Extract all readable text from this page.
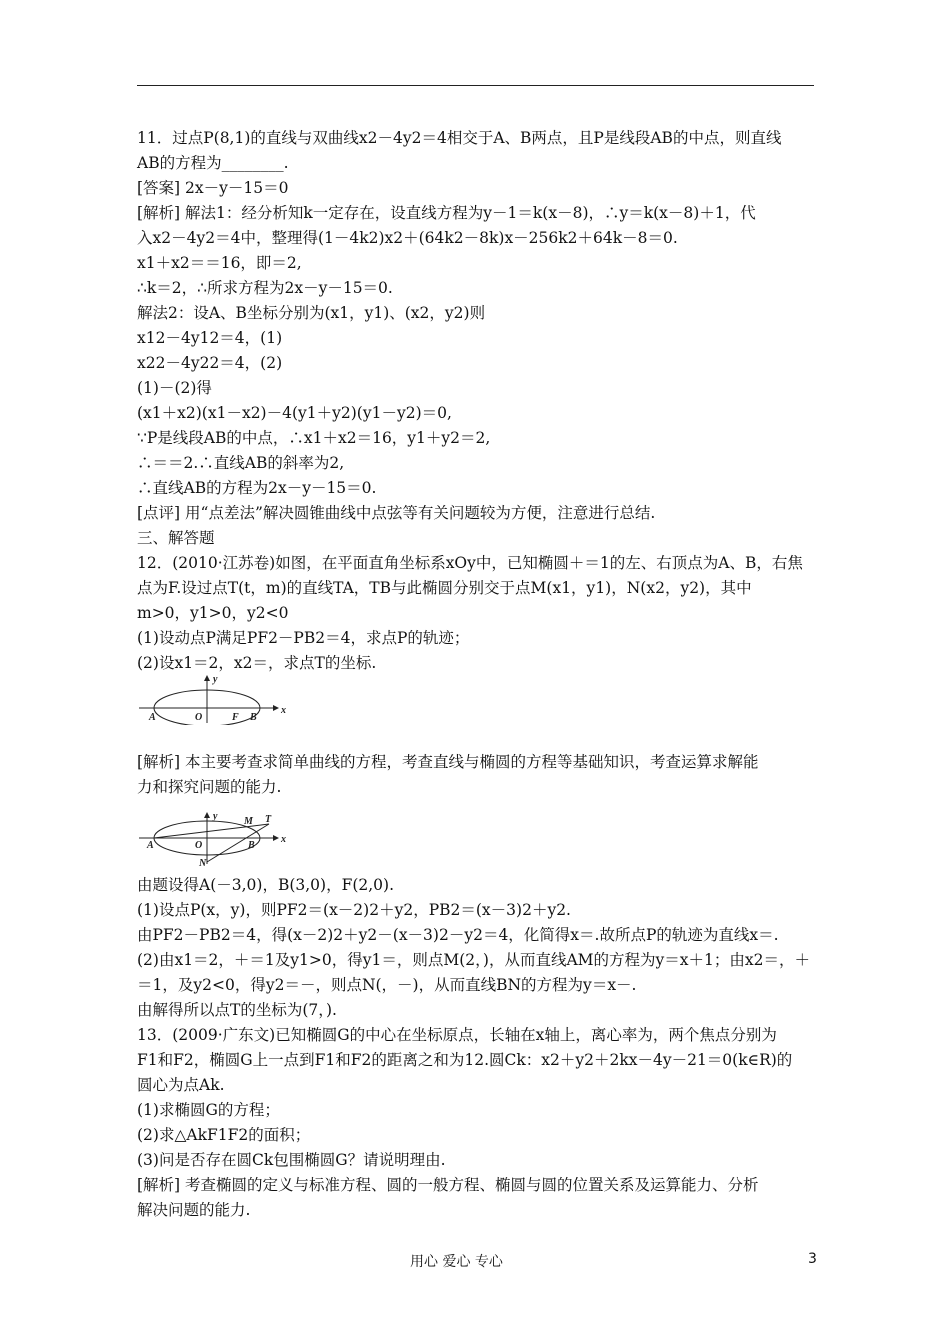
11．过点P(8,1)的直线与双曲线x2－4y2＝4相交于A、B两点，且P是线段AB的中点，则直线
AB的方程为________.
[答案] 2x－y－15＝0
[解析] 解法1：经分析知k一定存在，设直线方程为y－1＝k(x－8)，∴y＝k(x－8)＋1，代
入x2－4y2＝4中，整理得(1－4k2)x2＋(64k2－8k)x－256k2＋64k－8＝0.
x1＋x2＝＝16，即＝2,
∴k＝2，∴所求方程为2x－y－15＝0.
解法2：设A、B坐标分别为(x1，y1)、(x2，y2)则
x12－4y12＝4，(1)
x22－4y22＝4，(2)
(1)－(2)得
(x1＋x2)(x1－x2)－4(y1＋y2)(y1－y2)＝0,
∵P是线段AB的中点，∴x1＋x2＝16，y1＋y2＝2,
∴＝＝2.∴直线AB的斜率为2,
∴直线AB的方程为2x－y－15＝0.
[点评] 用“点差法”解决圆锥曲线中点弦等有关问题较为方便，注意进行总结.
三、解答题
12．(2010·江苏卷)如图，在平面直角坐标系xOy中，已知椭圆＋＝1的左、右顶点为A、B，右焦
点为F.设过点T(t，m)的直线TA，TB与此椭圆分别交于点M(x1，y1)，N(x2，y2)，其中
m>0，y1>0，y2<0
(1)设动点P满足PF2－PB2＝4，求点P的轨迹；
(2)设x1＝2，x2＝，求点T的坐标.
y
x
A	O	F B
[解析] 本主要考查求简单曲线的方程，考查直线与椭圆的方程等基础知识，考查运算求解能
力和探究问题的能力.
y
x
A	O	B
M T
N
由题设得A(－3,0)，B(3,0)，F(2,0).
(1)设点P(x，y)，则PF2＝(x－2)2＋y2，PB2＝(x－3)2＋y2.
由PF2－PB2＝4，得(x－2)2＋y2－(x－3)2－y2＝4，化简得x＝.故所点P的轨迹为直线x＝.
(2)由x1＝2，＋＝1及y1>0，得y1＝，则点M(2，)，从而直线AM的方程为y＝x＋1；由x2＝，＋
＝1，及y2<0，得y2＝－，则点N(，－)，从而直线BN的方程为y＝x－.
由解得所以点T的坐标为(7，).
13．(2009·广东文)已知椭圆G的中心在坐标原点，长轴在x轴上，离心率为，两个焦点分别为
F1和F2，椭圆G上一点到F1和F2的距离之和为12.圆Ck：x2＋y2＋2kx－4y－21＝0(k∈R)的
圆心为点Ak.
(1)求椭圆G的方程；
(2)求△AkF1F2的面积；
(3)问是否存在圆Ck包围椭圆G？请说明理由.
[解析] 考查椭圆的定义与标准方程、圆的一般方程、椭圆与圆的位置关系及运算能力、分析
解决问题的能力.
用心 爱心 专心	3
